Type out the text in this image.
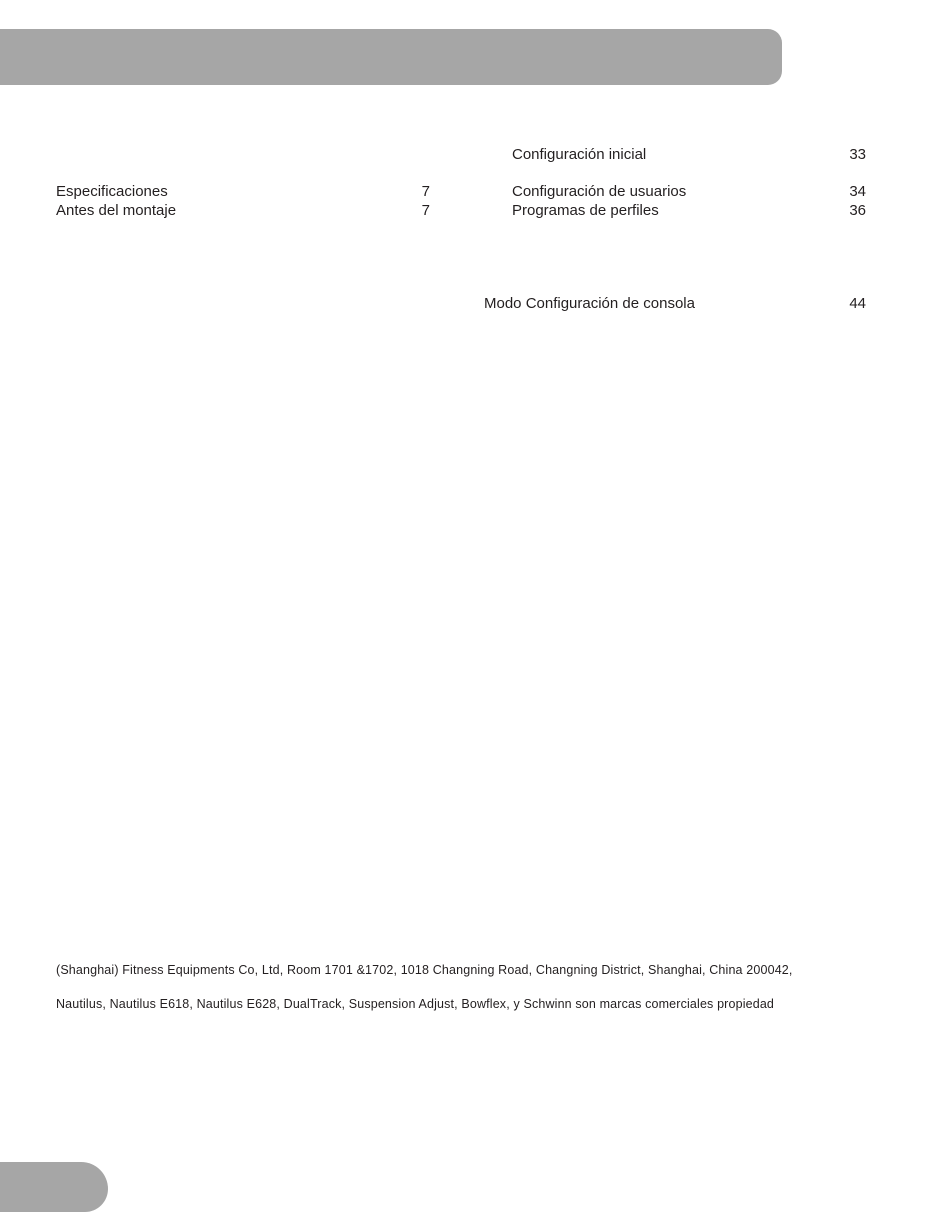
Especificaciones	7
Antes del montaje	7
Configuración inicial	33
Configuración de usuarios	34
Programas de perfiles	36
Modo Configuración de consola	44
(Shanghai) Fitness Equipments Co, Ltd, Room 1701 &1702, 1018 Changning Road, Changning District, Shanghai, China 200042,
Nautilus, Nautilus E618, Nautilus E628, DualTrack, Suspension Adjust, Bowflex, y Schwinn son marcas comerciales propiedad
